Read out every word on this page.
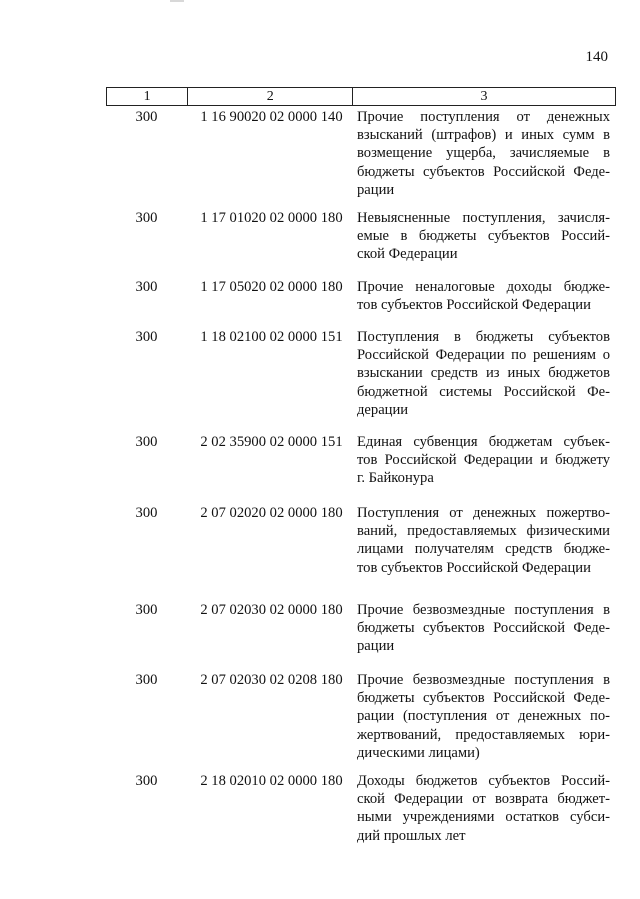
140
1	2	3
300	1 16 90020 02 0000 140 Прочие поступления от денежных
взысканий (штрафов) и иных сумм в
возмещение ущерба, зачисляемые в
бюджеты субъектов Российской Феде-
рации
300	1 17 01020 02 0000 180 Невыясненные поступления, зачисля-
емые в бюджеты субъектов Россий-
ской Федерации
300	1 17 05020 02 0000 180 Прочие неналоговые доходы бюдже-
тов субъектов Российской Федерации
300	1 18 02100 02 0000 151 Поступления в бюджеты субъектов
Российской Федерации по решениям о
взыскании средств из иных бюджетов
бюджетной системы Российской Фе-
дерации
300	2 02 35900 02 0000 151 Единая субвенция бюджетам субъек-
тов Российской Федерации и бюджету
г. Байконура
300	2 07 02020 02 0000 180 Поступления от денежных пожертво-
ваний, предоставляемых физическими
лицами получателям средств бюдже-
тов субъектов Российской Федерации
300	2 07 02030 02 0000 180 Прочие безвозмездные поступления в
бюджеты субъектов Российской Феде-
рации
300	2 07 02030 02 0208 180 Прочие безвозмездные поступления в
бюджеты субъектов Российской Феде-
рации (поступления от денежных по-
жертвований, предоставляемых юри-
дическими лицами)
300	2 18 02010 02 0000 180 Доходы бюджетов субъектов Россий-
ской Федерации от возврата бюджет-
ными учреждениями остатков субси-
дий прошлых лет
